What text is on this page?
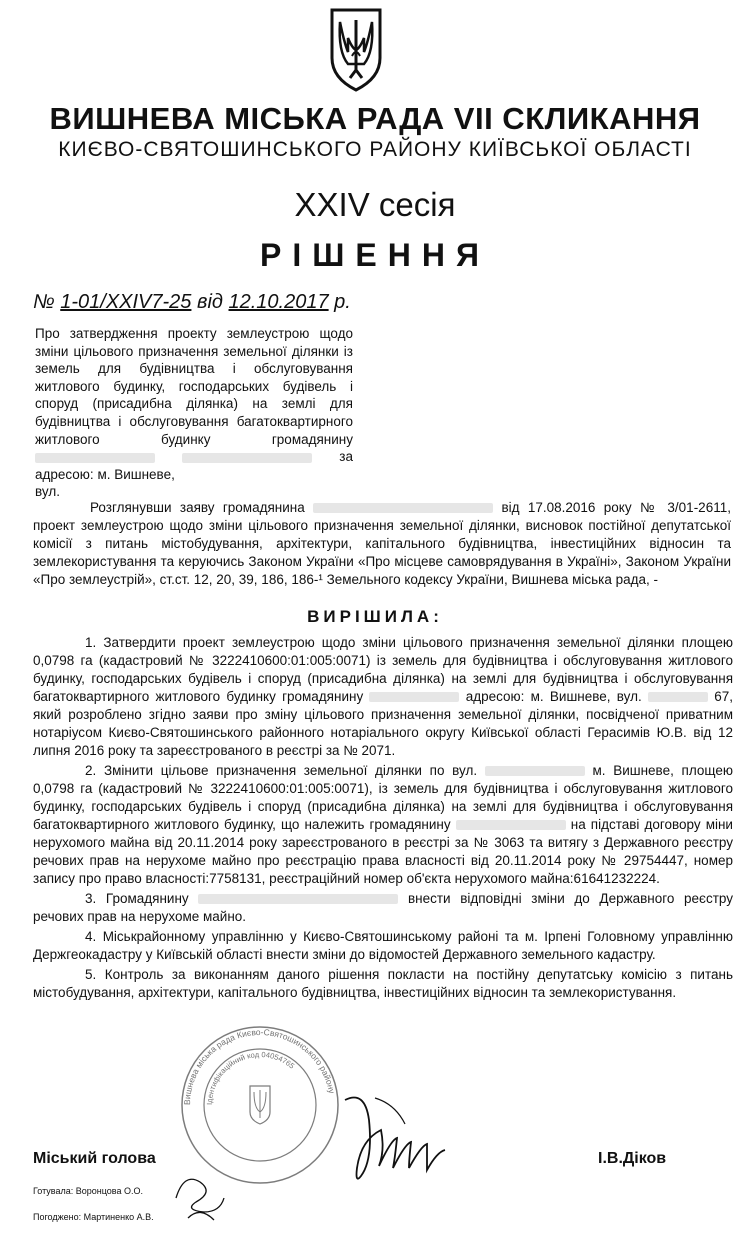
ВИШНЕВА МІСЬКА РАДА VII СКЛИКАННЯ
КИЄВО-СВЯТОШИНСЬКОГО РАЙОНУ КИЇВСЬКОЇ ОБЛАСТІ
XXIV сесія
РІШЕННЯ
№ 1-01/XXIV7-25 від 12.10.2017 р.
Про затвердження проекту землеустрою щодо зміни цільового призначення земельної ділянки із земель для будівництва і обслуговування житлового будинку, господарських будівель і споруд (присадибна ділянка) на землі для будівництва і обслуговування багатоквартирного житлового будинку громадянину   за адресою: м. Вишневе,
вул.
Розглянувши заяву громадянина	від 17.08.2016 року № 3/01-2611, проект землеустрою щодо зміни цільового призначення земельної ділянки, висновок постійної депутатської комісії з питань містобудування, архітектури, капітального будівництва, інвестиційних відносин та землекористування та керуючись Законом України «Про місцеве самоврядування в Україні», Законом України «Про землеустрій», ст.ст. 12, 20, 39, 186, 186-¹ Земельного кодексу України, Вишнева міська рада, -
ВИРІШИЛА:

1. Затвердити проект землеустрою щодо зміни цільового призначення земельної ділянки площею 0,0798 га (кадастровий № 3222410600:01:005:0071) із земель для будівництва і обслуговування житлового будинку, господарських будівель і споруд (присадибна ділянка) на землі для будівництва і обслуговування багатоквартирного житлового будинку громадянину	адресою: м. Вишневе, вул.	67, який розроблено згідно заяви про зміну цільового призначення земельної ділянки, посвідченої приватним нотаріусом Києво-Святошинського районного нотаріального округу Київської області Герасимів Ю.В. від 12 липня 2016 року та зареєстрованого в реєстрі за № 2071.

2. Змінити цільове призначення земельної ділянки по вул.	м. Вишневе, площею 0,0798 га (кадастровий № 3222410600:01:005:0071), із земель для будівництва і обслуговування житлового будинку, господарських будівель і споруд (присадибна ділянка) на землі для будівництва і обслуговування багатоквартирного житлового будинку, що належить громадянину	на підставі договору міни нерухомого майна від 20.11.2014 року зареєстрованого в реєстрі за № 3063 та витягу з Державного реєстру речових прав на нерухоме майно про реєстрацію права власності від 20.11.2014 року № 29754447, номер запису про право власності:7758131, реєстраційний номер об'єкта нерухомого майна:61641232224.

3. Громадянину	внести відповідні зміни до Державного реєстру речових прав на нерухоме майно.

4. Міськрайонному управлінню у Києво-Святошинському районі та м. Ірпені Головному управлінню Держгеокадастру у Київській області внести зміни до відомостей Державного земельного кадастру.

5. Контроль за виконанням даного рішення покласти на постійну депутатську комісію з питань містобудування, архітектури, капітального будівництва, інвестиційних відносин та землекористування.

Вишнева міська рада Києво-Святошинського району
Ідентифікаційний код 04054765
Міський голова	І.В.Діков
Готувала: Воронцова О.О.
Погоджено: Мартиненко А.В.
